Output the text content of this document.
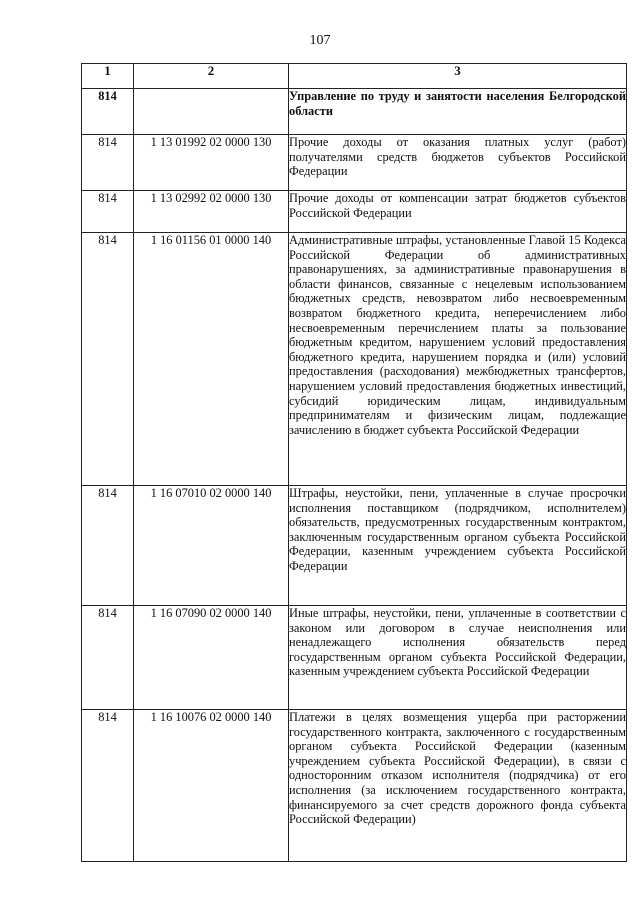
107
1	2	3
814		Управление по труду и занятости населения Белгородской области
814	1 13 01992 02 0000 130	Прочие доходы от оказания платных услуг (работ) получателями средств бюджетов субъектов Российской Федерации
814	1 13 02992 02 0000 130	Прочие доходы от компенсации затрат бюджетов субъектов Российской Федерации
814	1 16 01156 01 0000 140	Административные штрафы, установленные Главой 15 Кодекса Российской Федерации об административных правонарушениях, за административные правонарушения в области финансов, связанные с нецелевым использованием бюджетных средств, невозвратом либо несвоевременным возвратом бюджетного кредита, неперечислением либо несвоевременным перечислением платы за пользование бюджетным кредитом, нарушением условий предоставления бюджетного кредита, нарушением порядка и (или) условий предоставления (расходования) межбюджетных трансфертов, нарушением условий предоставления бюджетных инвестиций, субсидий юридическим лицам, индивидуальным предпринимателям и физическим лицам, подлежащие зачислению в бюджет субъекта Российской Федерации
814	1 16 07010 02 0000 140	Штрафы, неустойки, пени, уплаченные в случае просрочки исполнения поставщиком (подрядчиком, исполнителем) обязательств, предусмотренных государственным контрактом, заключенным государственным органом субъекта Российской Федерации, казенным учреждением субъекта Российской Федерации
814	1 16 07090 02 0000 140	Иные штрафы, неустойки, пени, уплаченные в соответствии с законом или договором в случае неисполнения или ненадлежащего исполнения обязательств перед государственным органом субъекта Российской Федерации, казенным учреждением субъекта Российской Федерации
814	1 16 10076 02 0000 140	Платежи в целях возмещения ущерба при расторжении государственного контракта, заключенного с государственным органом субъекта Российской Федерации (казенным учреждением субъекта Российской Федерации), в связи с односторонним отказом исполнителя (подрядчика) от его исполнения (за исключением государственного контракта, финансируемого за счет средств дорожного фонда субъекта Российской Федерации)
